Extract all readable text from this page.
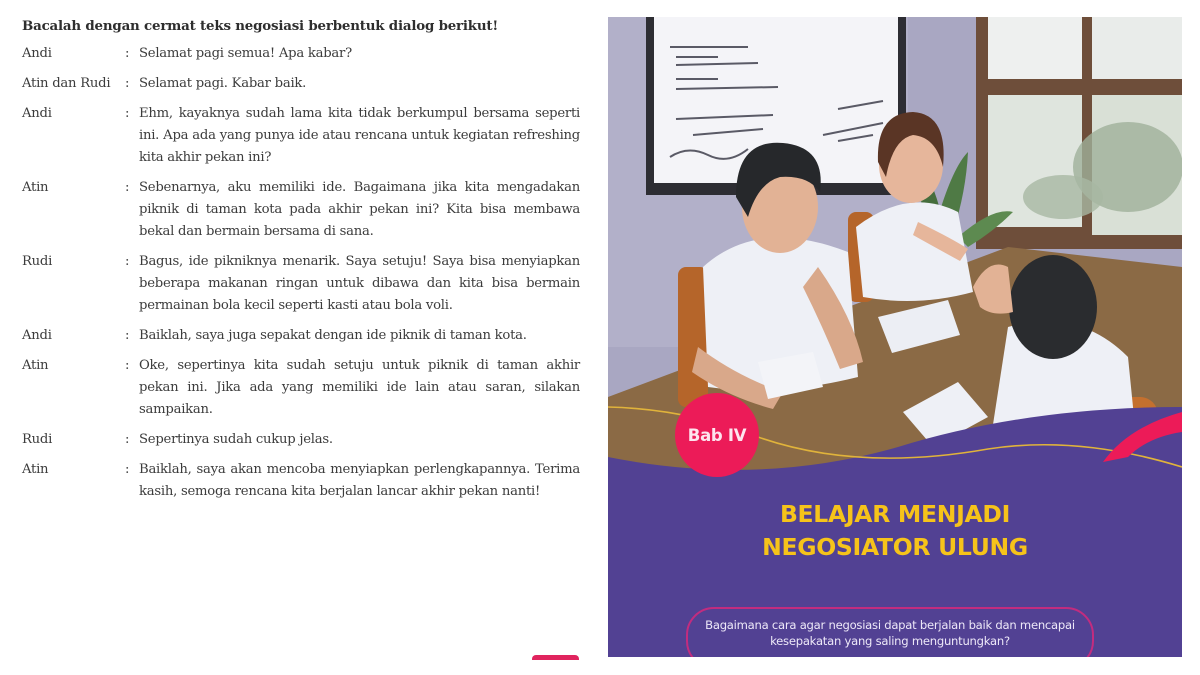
Bacalah dengan cermat teks negosiasi berbentuk dialog berikut!

Andi	: Selamat pagi semua! Apa kabar?
Atin dan Rudi	: Selamat pagi. Kabar baik.
Andi	: Ehm, kayaknya sudah lama kita tidak berkumpul bersama seperti ini. Apa ada yang punya ide atau rencana untuk kegiatan refreshing kita akhir pekan ini?
Atin	: Sebenarnya, aku memiliki ide. Bagaimana jika kita mengadakan piknik di taman kota pada akhir pekan ini? Kita bisa membawa bekal dan bermain bersama di sana.
Rudi	: Bagus, ide pikniknya menarik. Saya setuju! Saya bisa menyiapkan beberapa makanan ringan untuk dibawa dan kita bisa bermain permainan bola kecil seperti kasti atau bola voli.
Andi	: Baiklah, saya juga sepakat dengan ide piknik di taman kota.
Atin	: Oke, sepertinya kita sudah setuju untuk piknik di taman akhir pekan ini. Jika ada yang memiliki ide lain atau saran, silakan sampaikan.
Rudi	: Sepertinya sudah cukup jelas.
Atin	: Baiklah, saya akan mencoba menyiapkan perlengkapannya. Terima kasih, semoga rencana kita berjalan lancar akhir pekan nanti!
Bab IV
BELAJAR MENJADI
NEGOSIATOR ULUNG
Bagaimana cara agar negosiasi dapat berjalan baik dan mencapai kesepakatan yang saling menguntungkan?
